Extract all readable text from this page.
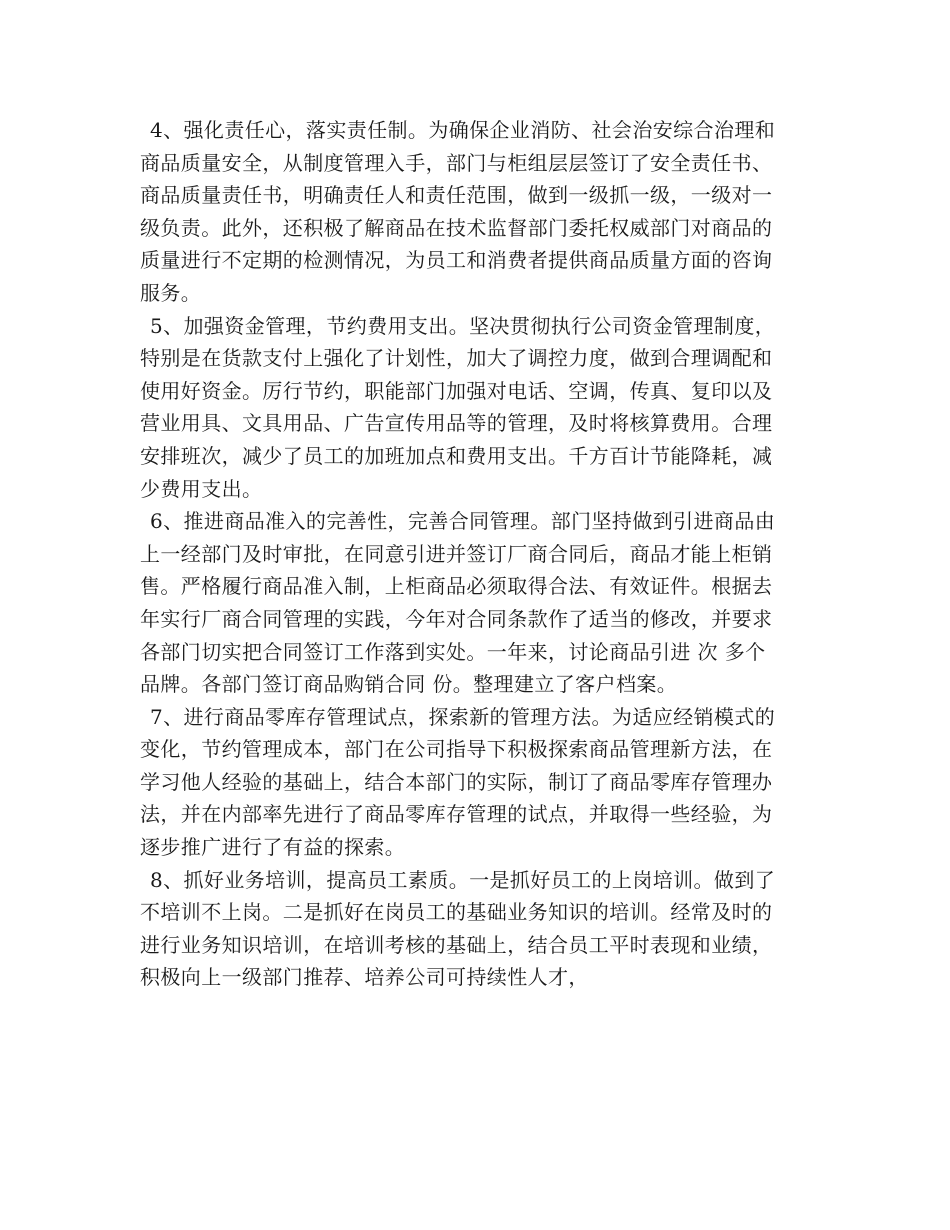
4、强化责任心，落实责任制。为确保企业消防、社会治安综合治理和
商品质量安全，从制度管理入手，部门与柜组层层签订了安全责任书、
商品质量责任书，明确责任人和责任范围，做到一级抓一级，一级对一
级负责。此外，还积极了解商品在技术监督部门委托权威部门对商品的
质量进行不定期的检测情况，为员工和消费者提供商品质量方面的咨询
服务。
5、加强资金管理，节约费用支出。坚决贯彻执行公司资金管理制度，
特别是在货款支付上强化了计划性，加大了调控力度，做到合理调配和
使用好资金。厉行节约，职能部门加强对电话、空调，传真、复印以及
营业用具、文具用品、广告宣传用品等的管理，及时将核算费用。合理
安排班次，减少了员工的加班加点和费用支出。千方百计节能降耗，减
少费用支出。
6、推进商品准入的完善性，完善合同管理。部门坚持做到引进商品由
上一经部门及时审批，在同意引进并签订厂商合同后，商品才能上柜销
售。严格履行商品准入制，上柜商品必须取得合法、有效证件。根据去
年实行厂商合同管理的实践，今年对合同条款作了适当的修改，并要求
各部门切实把合同签订工作落到实处。一年来，讨论商品引进 次 多个
品牌。各部门签订商品购销合同 份。整理建立了客户档案。
7、进行商品零库存管理试点，探索新的管理方法。为适应经销模式的
变化，节约管理成本，部门在公司指导下积极探索商品管理新方法，在
学习他人经验的基础上，结合本部门的实际，制订了商品零库存管理办
法，并在内部率先进行了商品零库存管理的试点，并取得一些经验，为
逐步推广进行了有益的探索。
8、抓好业务培训，提高员工素质。一是抓好员工的上岗培训。做到了
不培训不上岗。二是抓好在岗员工的基础业务知识的培训。经常及时的
进行业务知识培训，在培训考核的基础上，结合员工平时表现和业绩，
积极向上一级部门推荐、培养公司可持续性人才，
